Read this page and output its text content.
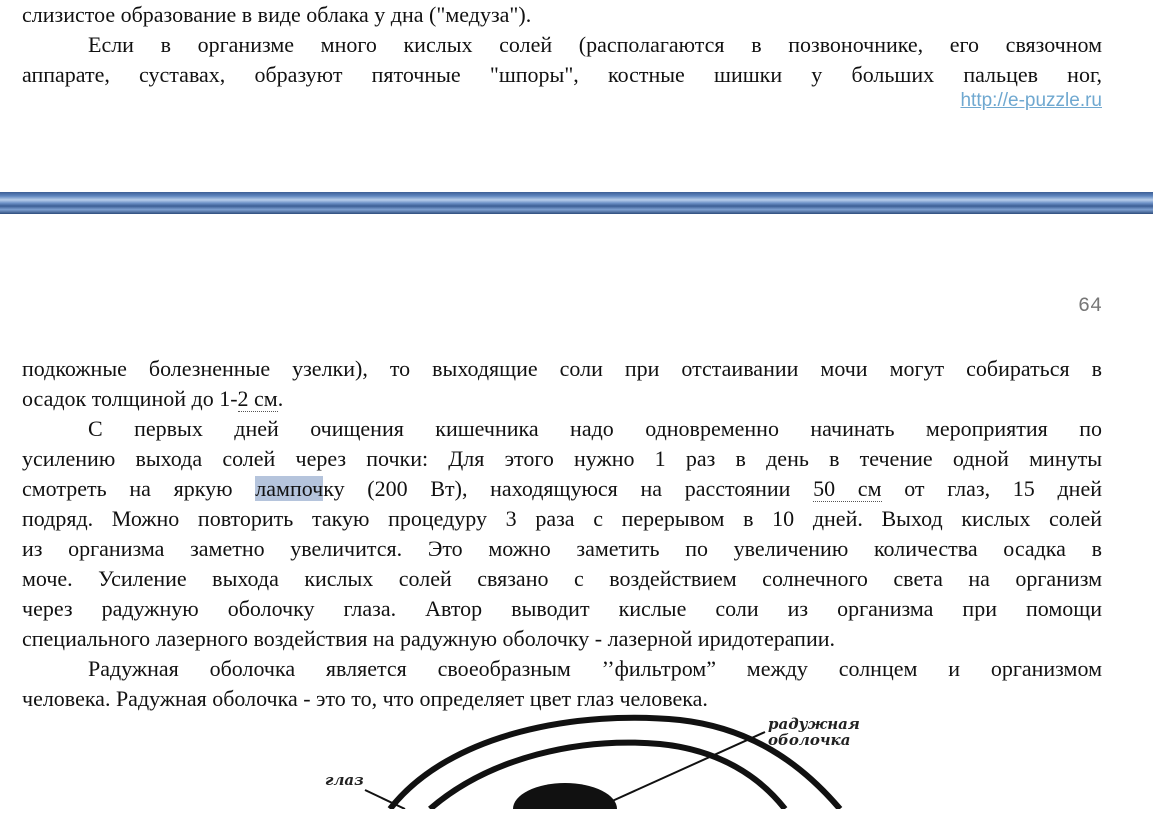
слизистое образование в виде облака у дна ("медуза").
Если в организме много кислых солей (располагаются в позвоночнике, его связочном
аппарате, суставах, образуют пяточные "шпоры", костные шишки у больших пальцев ног,
http://e-puzzle.ru
64
подкожные болезненные узелки), то выходящие соли при отстаивании мочи могут собираться в
осадок толщиной до 1-2 см.
С первых дней очищения кишечника надо одновременно начинать мероприятия по
усилению выхода солей через почки: Для этого нужно 1 раз в день в течение одной минуты
смотреть на яркую лампочку (200 Вт), находящуюся на расстоянии 50 см от глаз, 15 дней
подряд. Можно повторить такую процедуру 3 раза с перерывом в 10 дней. Выход кислых солей
из организма заметно увеличится. Это можно заметить по увеличению количества осадка в
моче. Усиление выхода кислых солей связано с воздействием солнечного света на организм
через радужную оболочку глаза. Автор выводит кислые соли из организма при помощи
специального лазерного воздействия на радужную оболочку - лазерной иридотерапии.
Радужная оболочка является своеобразным ’’фильтром” между солнцем и организмом
человека. Радужная оболочка - это то, что определяет цвет глаз человека.
радужная
оболочка
глаз
